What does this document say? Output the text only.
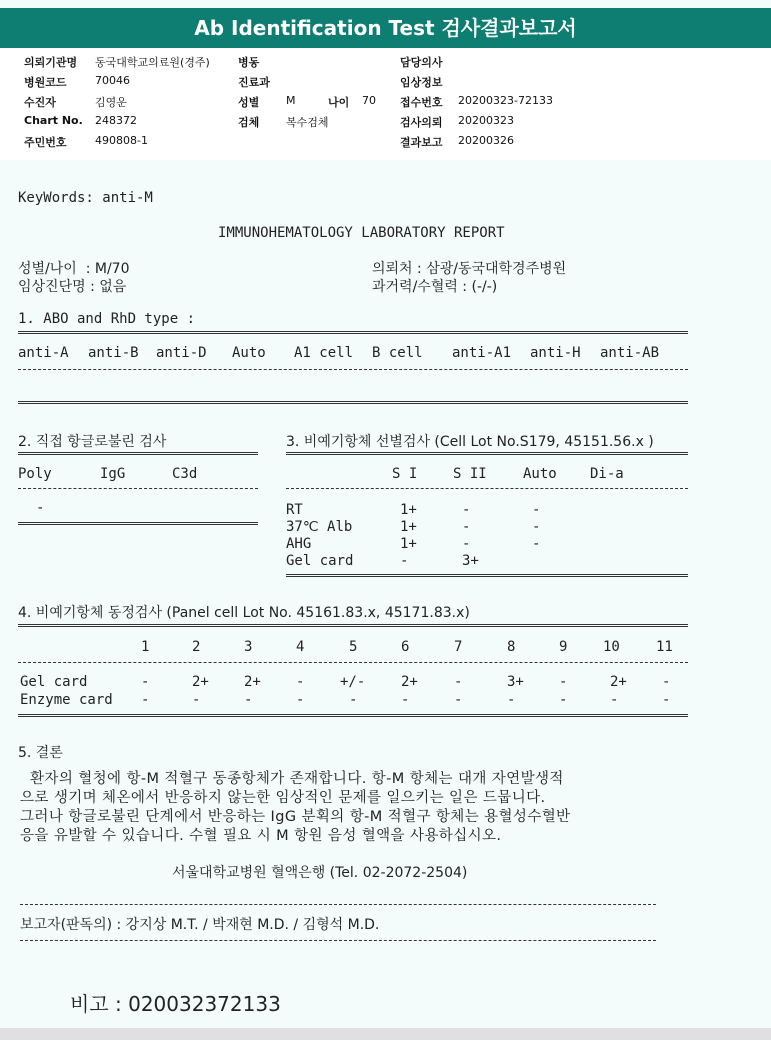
Ab Identification Test 검사결과보고서
의뢰기관명 동국대학교의료원(경주)	병동	담당의사
병원코드	70046	진료과	임상정보
수진자	김영운	성별 M	나이 70 접수번호 20200323-72133
Chart No. 248372	검체 복수검체	검사의뢰 20200323
주민번호	490808-1	결과보고 20200326
KeyWords: anti-M
IMMUNOHEMATOLOGY LABORATORY REPORT
성별/나이  : M/70
임상진단명 : 없음
의뢰처 : 삼광/동국대학경주병원
과거력/수혈력 : (-/-)
1. ABO and RhD type :
anti-A anti-B anti-D Auto A1 cell B cell anti-A1 anti-H anti-AB
2. 직접 항글로불린 검사
Poly	IgG	C3d
-
3. 비예기항체 선별검사 (Cell Lot No.S179, 45151.56.x )
S I	S II	Auto Di-a
RT	1+	-	-
37℃ Alb	1+	-	-
AHG	1+	-	-
Gel card	-	3+
4. 비예기항체 동정검사 (Panel cell Lot No. 45161.83.x, 45171.83.x)
1	2	3	4	5	6	7	8	9	10	11
Gel card	-	2+	2+	-	+/-	2+	-	3+	-	2+	-
Enzyme card -	-	-	-	-	-	-	-	-	-	-
5. 결론
환자의 혈청에 항-M 적혈구 동종항체가 존재합니다. 항-M 항체는 대개 자연발생적
으로 생기며 체온에서 반응하지 않는한 임상적인 문제를 일으키는 일은 드뭅니다.
그러나 항글로불린 단계에서 반응하는 IgG 분획의 항-M 적혈구 항체는 용혈성수혈반
응을 유발할 수 있습니다. 수혈 필요 시 M 항원 음성 혈액을 사용하십시오.
서울대학교병원 혈액은행 (Tel. 02-2072-2504)
보고자(판독의) : 강지상 M.T. / 박재현 M.D. / 김형석 M.D.
비고 : 020032372133
